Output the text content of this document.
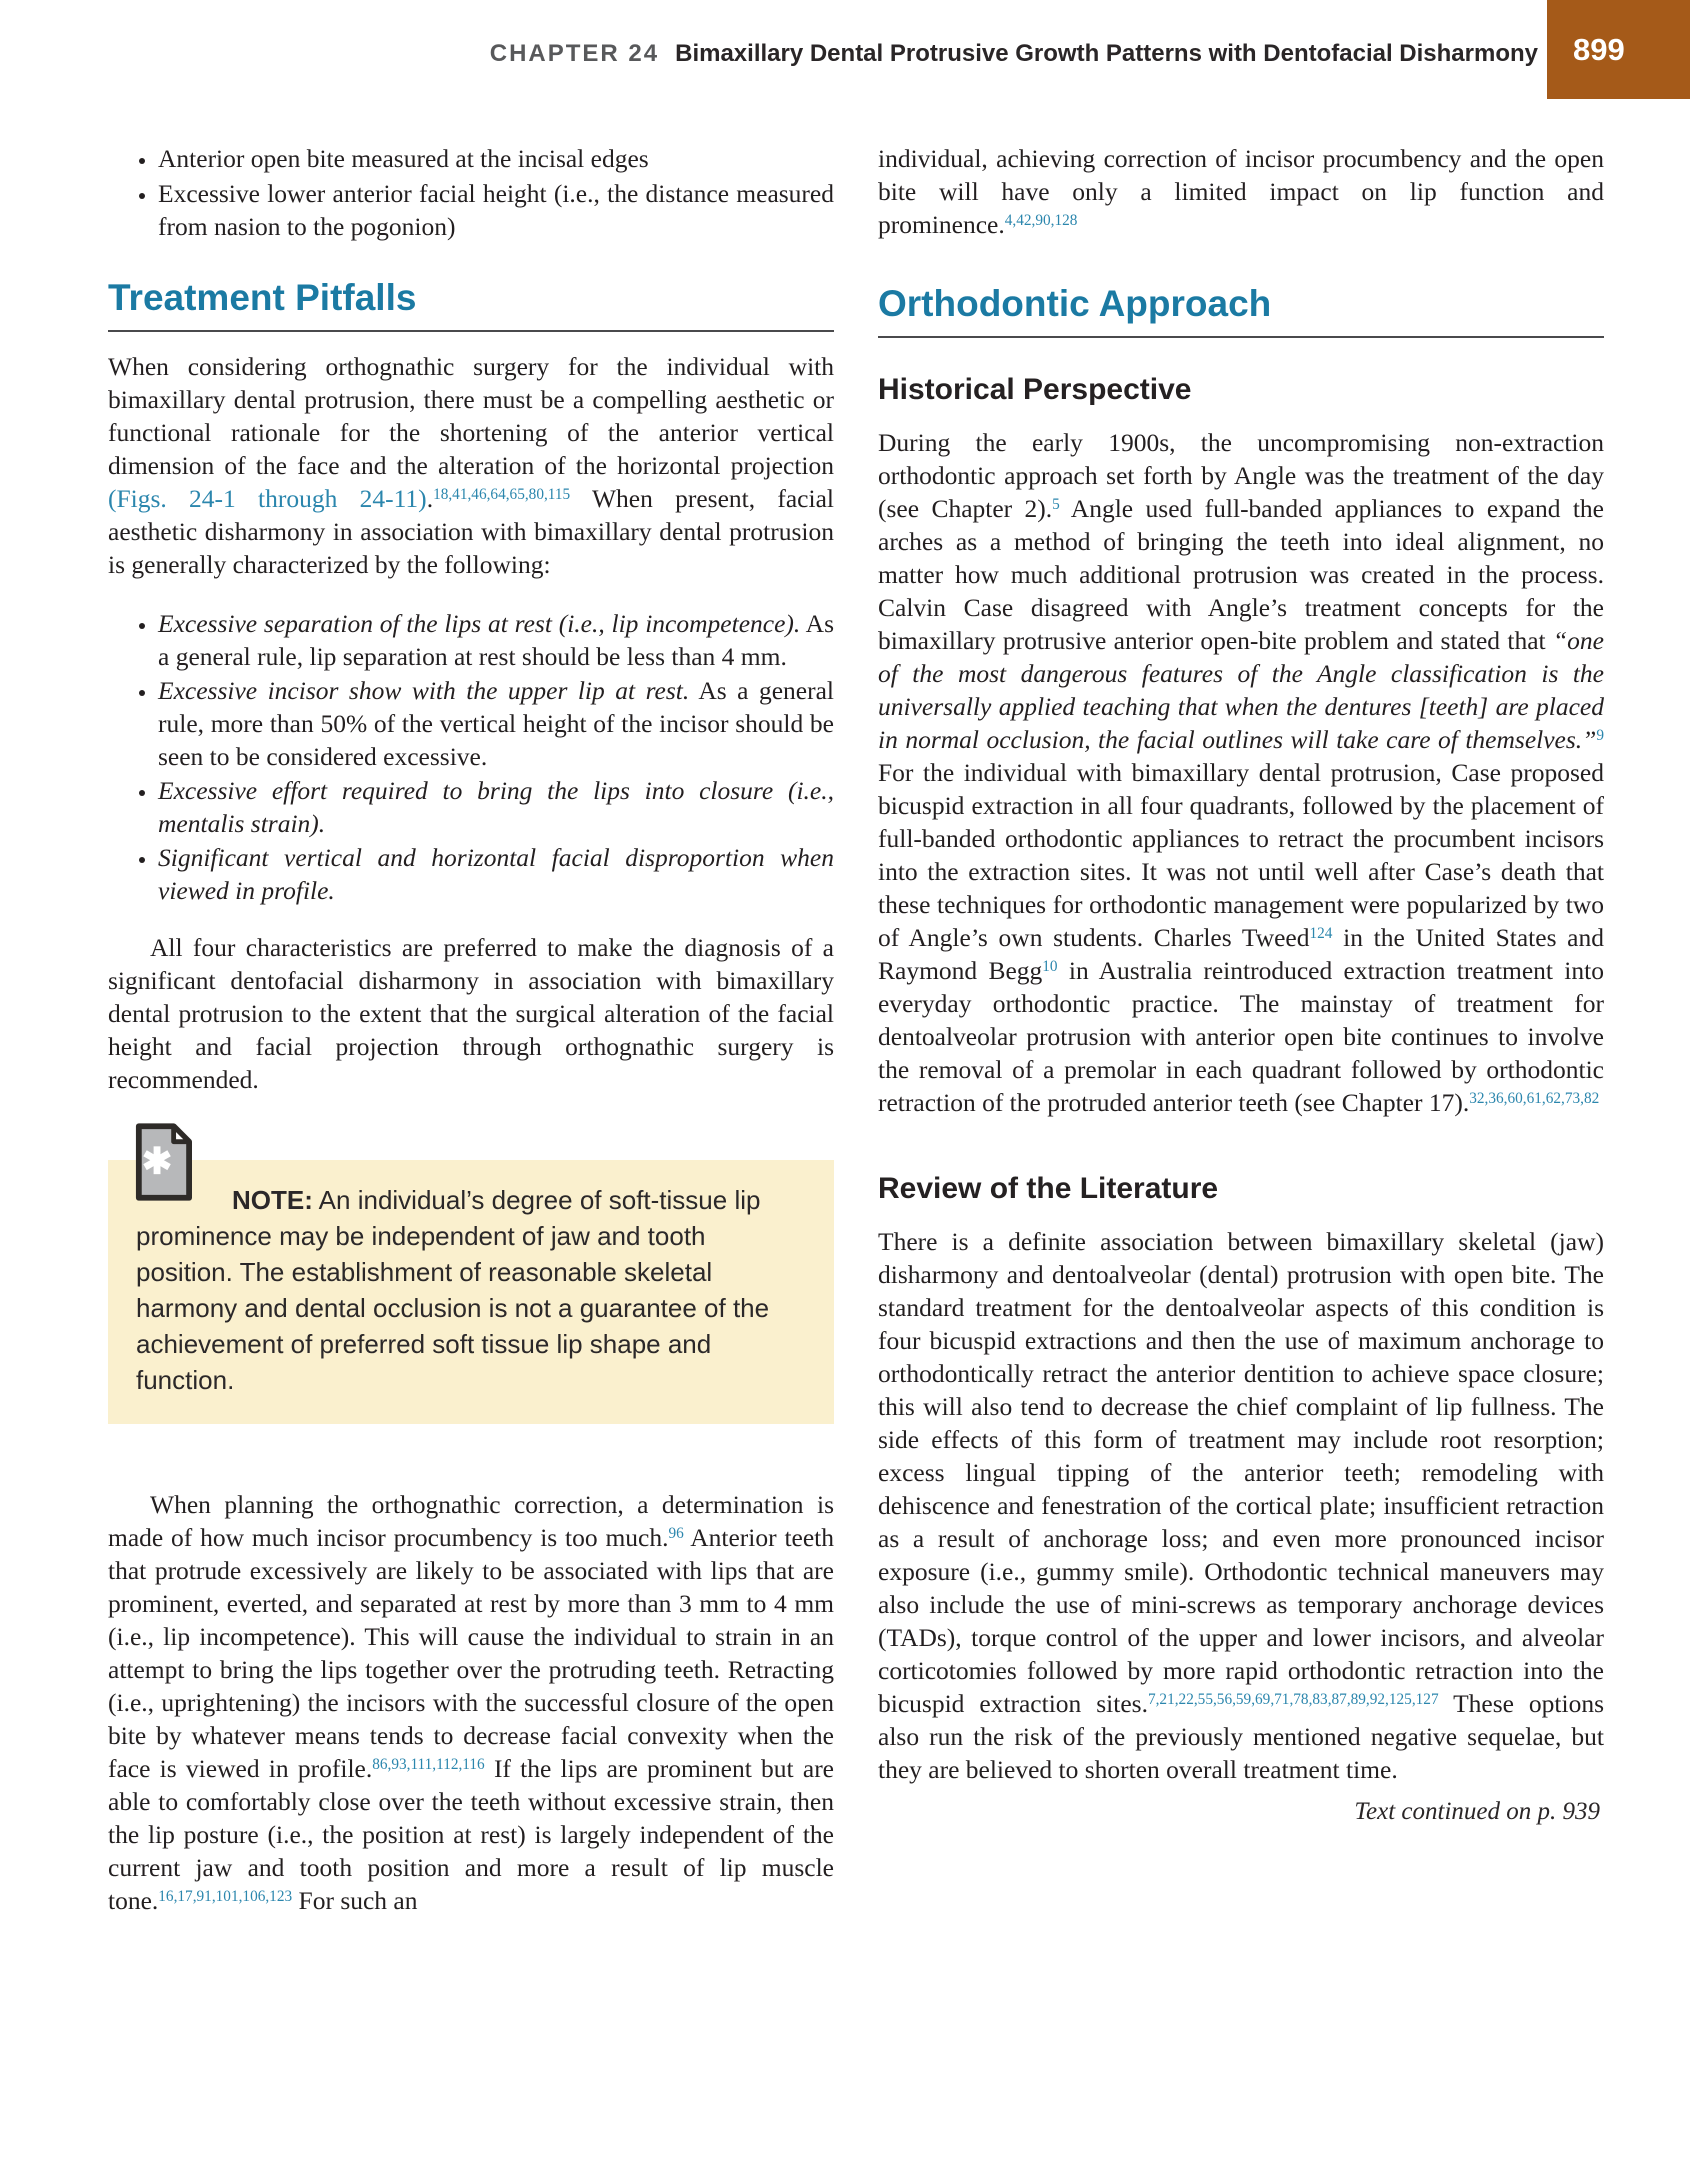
CHAPTER 24 Bimaxillary Dental Protrusive Growth Patterns with Dentofacial Disharmony	899
• Anterior open bite measured at the incisal edges
• Excessive lower anterior facial height (i.e., the distance measured from nasion to the pogonion)
Treatment Pitfalls

When considering orthognathic surgery for the individual with bimaxillary dental protrusion, there must be a compelling aesthetic or functional rationale for the shortening of the anterior vertical dimension of the face and the alteration of the horizontal projection (Figs. 24-1 through 24-11).$^{18,41,46,64,65,80,115}$ When present, facial aesthetic disharmony in association with bimaxillary dental protrusion is generally characterized by the following:

• Excessive separation of the lips at rest (i.e., lip incompetence). As a general rule, lip separation at rest should be less than 4 mm.
• Excessive incisor show with the upper lip at rest. As a general rule, more than 50% of the vertical height of the incisor should be seen to be considered excessive.
• Excessive effort required to bring the lips into closure (i.e., mentalis strain).
• Significant vertical and horizontal facial disproportion when viewed in profile.

All four characteristics are preferred to make the diagnosis of a significant dentofacial disharmony in association with bimaxillary dental protrusion to the extent that the surgical alteration of the facial height and facial projection through orthognathic surgery is recommended.

✱

NOTE: An individual’s degree of soft-tissue lip prominence may be independent of jaw and tooth position. The establishment of reasonable skeletal harmony and dental occlusion is not a guarantee of the achievement of preferred soft tissue lip shape and function.

When planning the orthognathic correction, a determination is made of how much incisor procumbency is too much.$^{96}$ Anterior teeth that protrude excessively are likely to be associated with lips that are prominent, everted, and separated at rest by more than 3 mm to 4 mm (i.e., lip incompetence). This will cause the individual to strain in an attempt to bring the lips together over the protruding teeth. Retracting (i.e., uprightening) the incisors with the successful closure of the open bite by whatever means tends to decrease facial convexity when the face is viewed in profile.$^{86,93,111,112,116}$ If the lips are prominent but are able to comfortably close over the teeth without excessive strain, then the lip posture (i.e., the position at rest) is largely independent of the current jaw and tooth position and more a result of lip muscle tone.$^{16,17,91,101,106,123}$ For such an

individual, achieving correction of incisor procumbency and the open bite will have only a limited impact on lip function and prominence.$^{4,42,90,128}$

Orthodontic Approach
Historical Perspective

During the early 1900s, the uncompromising non-extraction orthodontic approach set forth by Angle was the treatment of the day (see Chapter 2).$^5$ Angle used full-banded appliances to expand the arches as a method of bringing the teeth into ideal alignment, no matter how much additional protrusion was created in the process. Calvin Case disagreed with Angle’s treatment concepts for the bimaxillary protrusive anterior open-bite problem and stated that “one of the most dangerous features of the Angle classification is the universally applied teaching that when the dentures [teeth] are placed in normal occlusion, the facial outlines will take care of themselves.”$^9$ For the individual with bimaxillary dental protrusion, Case proposed bicuspid extraction in all four quadrants, followed by the placement of full-banded orthodontic appliances to retract the procumbent incisors into the extraction sites. It was not until well after Case’s death that these techniques for orthodontic management were popularized by two of Angle’s own students. Charles Tweed$^{124}$ in the United States and Raymond Begg$^{10}$ in Australia reintroduced extraction treatment into everyday orthodontic practice. The mainstay of treatment for dentoalveolar protrusion with anterior open bite continues to involve the removal of a premolar in each quadrant followed by orthodontic retraction of the protruded anterior teeth (see Chapter 17).$^{32,36,60,61,62,73,82}$

Review of the Literature

There is a definite association between bimaxillary skeletal (jaw) disharmony and dentoalveolar (dental) protrusion with open bite. The standard treatment for the dentoalveolar aspects of this condition is four bicuspid extractions and then the use of maximum anchorage to orthodontically retract the anterior dentition to achieve space closure; this will also tend to decrease the chief complaint of lip fullness. The side effects of this form of treatment may include root resorption; excess lingual tipping of the anterior teeth; remodeling with dehiscence and fenestration of the cortical plate; insufficient retraction as a result of anchorage loss; and even more pronounced incisor exposure (i.e., gummy smile). Orthodontic technical maneuvers may also include the use of mini-screws as temporary anchorage devices (TADs), torque control of the upper and lower incisors, and alveolar corticotomies followed by more rapid orthodontic retraction into the bicuspid extraction sites.$^{7,21,22,55,56,59,69,71,78,83,87,89,92,125,127}$ These options also run the risk of the previously mentioned negative sequelae, but they are believed to shorten overall treatment time.

Text continued on p. 939
